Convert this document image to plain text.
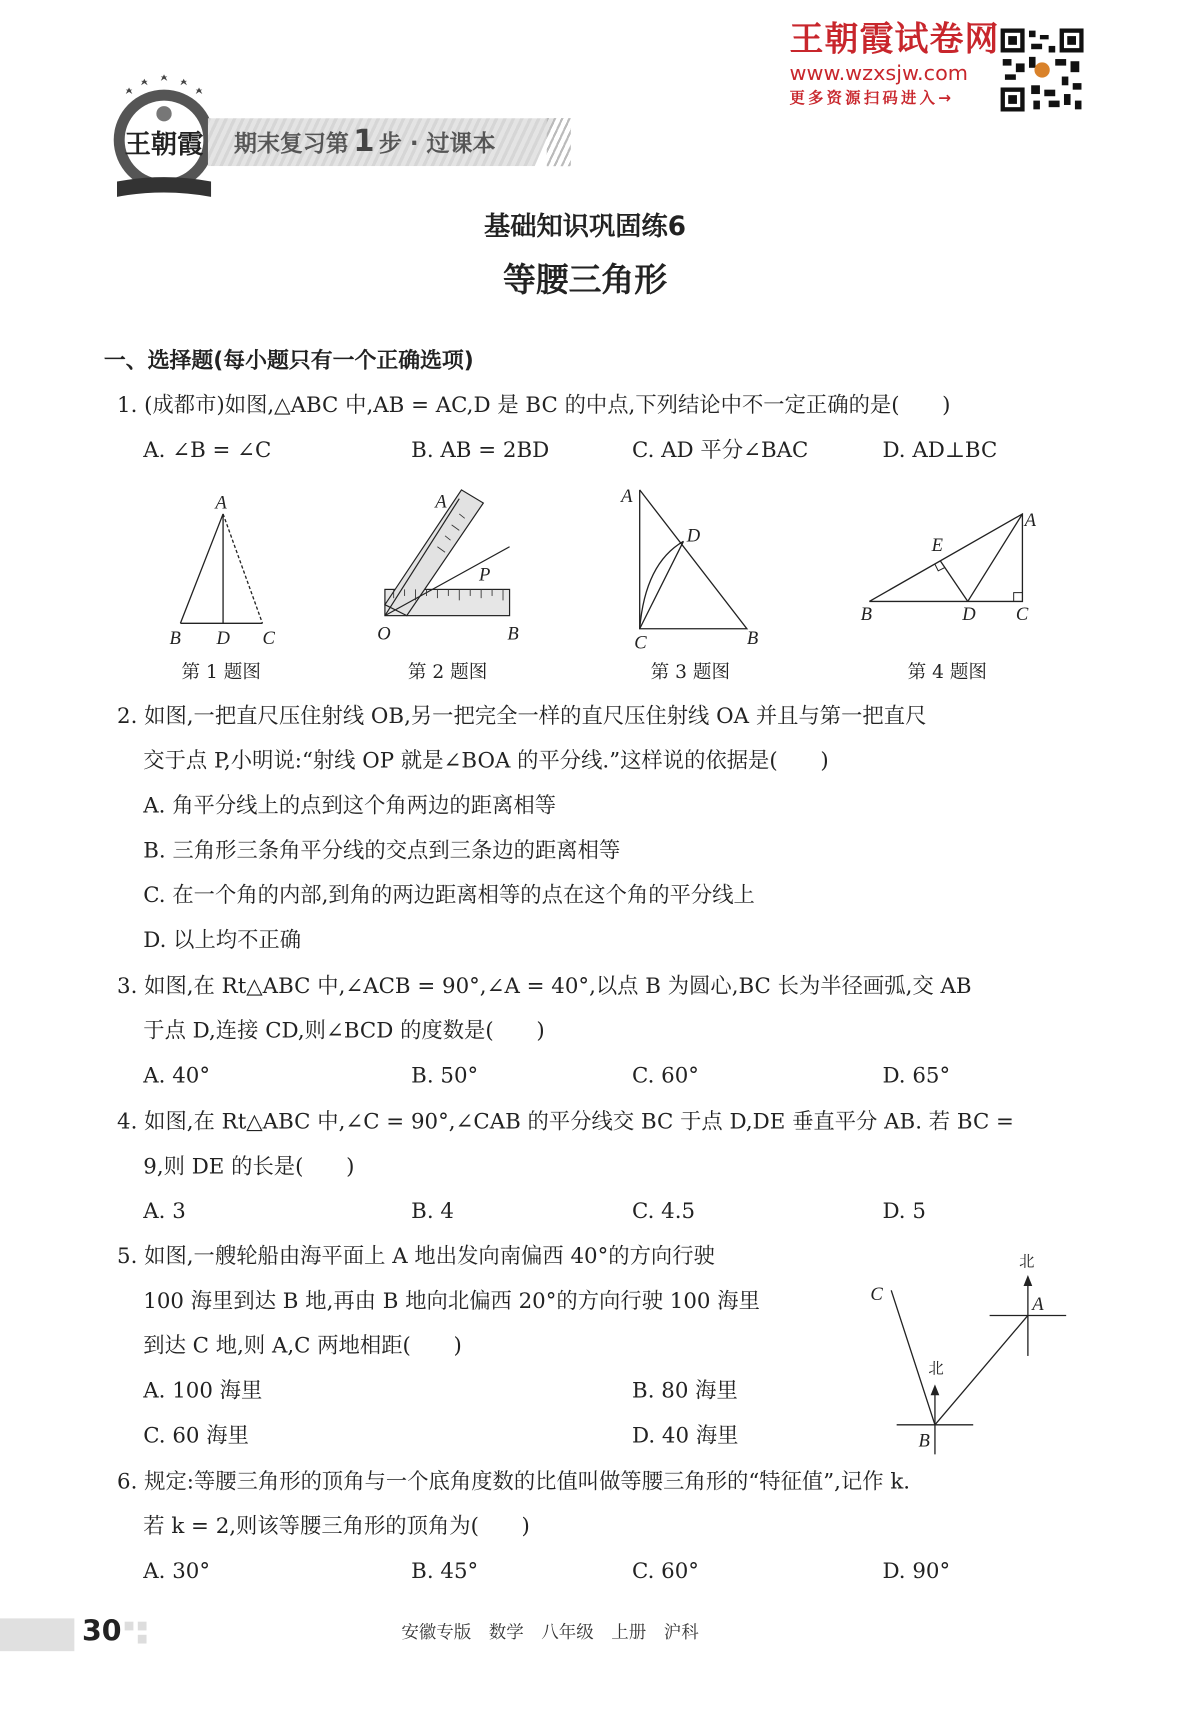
王朝霞试卷网
www.wzxsjw.com
更多资源扫码进入→
王朝霞 期末复习第 1 步 · 过课本
基础知识巩固练6
等腰三角形
一、选择题(每小题只有一个正确选项)
1. (成都市)如图,△ABC 中,AB = AC,D 是 BC 的中点,下列结论中不一定正确的是(　　)
A. ∠B = ∠C	B. AB = 2BD	C. AD 平分∠BAC	D. AD⊥BC
A
B D C
A
P
O	B
A
D
C	B
E
A
B	D C
第 1 题图	第 2 题图	第 3 题图	第 4 题图
2. 如图,一把直尺压住射线 OB,另一把完全一样的直尺压住射线 OA 并且与第一把直尺
交于点 P,小明说:“射线 OP 就是∠BOA 的平分线.”这样说的依据是(　　)
A. 角平分线上的点到这个角两边的距离相等
B. 三角形三条角平分线的交点到三条边的距离相等
C. 在一个角的内部,到角的两边距离相等的点在这个角的平分线上
D. 以上均不正确
3. 如图,在 Rt△ABC 中,∠ACB = 90°,∠A = 40°,以点 B 为圆心,BC 长为半径画弧,交 AB
于点 D,连接 CD,则∠BCD 的度数是(　　)
A. 40°	B. 50°	C. 60°	D. 65°
4. 如图,在 Rt△ABC 中,∠C = 90°,∠CAB 的平分线交 BC 于点 D,DE 垂直平分 AB. 若 BC =
9,则 DE 的长是(　　)
A. 3	B. 4	C. 4.5	D. 5
5. 如图,一艘轮船由海平面上 A 地出发向南偏西 40°的方向行驶
100 海里到达 B 地,再由 B 地向北偏西 20°的方向行驶 100 海里
到达 C 地,则 A,C 两地相距(　　)
A. 100 海里	B. 80 海里
C. 60 海里	D. 40 海里
北
北
C	A
B
6. 规定:等腰三角形的顶角与一个底角度数的比值叫做等腰三角形的“特征值”,记作 k.
若 k = 2,则该等腰三角形的顶角为(　　)
A. 30°	B. 45°	C. 60°	D. 90°
30	安徽专版　数学　八年级　上册　沪科
